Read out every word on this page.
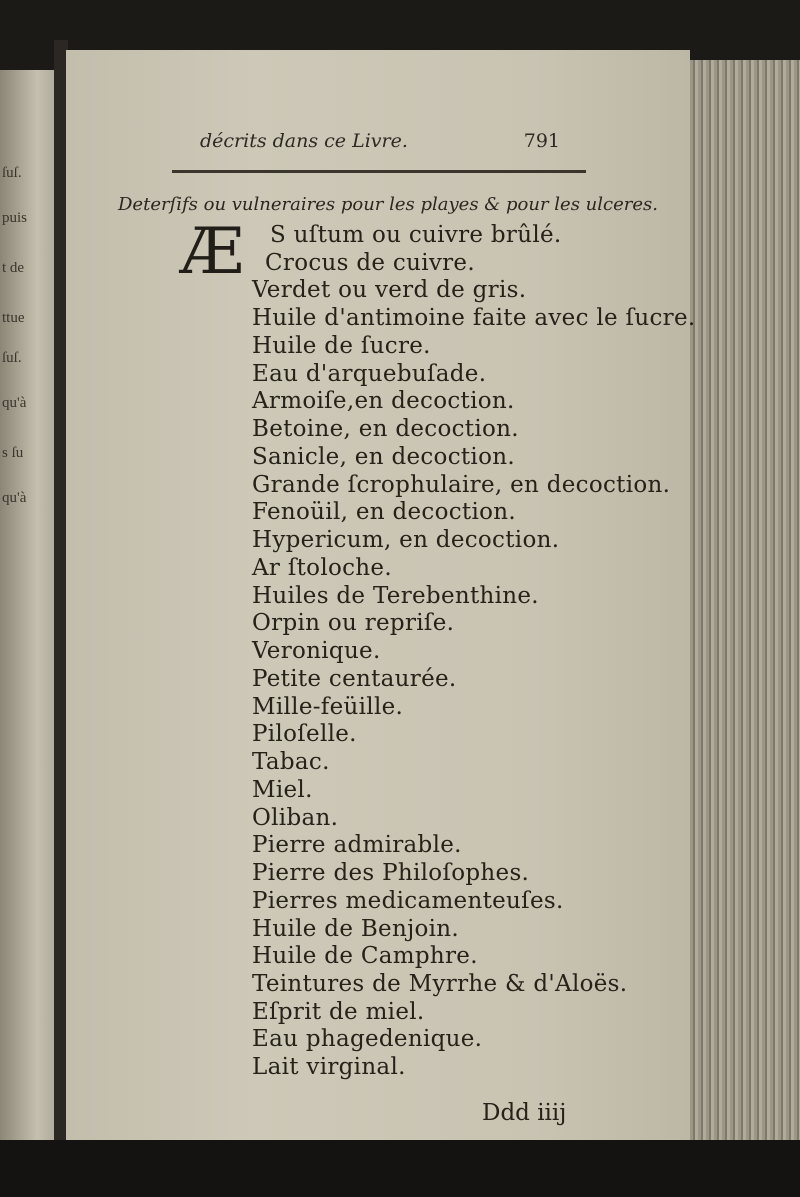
ſuſ.
puis
t de
ttue
ſuſ.
qu'à
s ſu
qu'à
décrits dans ce Livre.	791
Deterſifs ou vulneraires pour les playes & pour les ulceres.
Æ S uſtum ou cuivre brûlé.
Crocus de cuivre.
Verdet ou verd de gris.
Huile d'antimoine faite avec le ſucre.
Huile de ſucre.
Eau d'arquebuſade.
Armoiſe,en decoction.
Betoine, en decoction.
Sanicle, en decoction.
Grande ſcrophulaire, en decoction.
Fenoüil, en decoction.
Hypericum, en decoction.
Ar ſtoloche.
Huiles de Terebenthine.
Orpin ou repriſe.
Veronique.
Petite centaurée.
Mille-feüille.
Piloſelle.
Tabac.
Miel.
Oliban.
Pierre admirable.
Pierre des Philoſophes.
Pierres medicamenteuſes.
Huile de Benjoin.
Huile de Camphre.
Teintures de Myrrhe & d'Aloës.
Eſprit de miel.
Eau phagedenique.
Lait virginal.
Ddd iiij
